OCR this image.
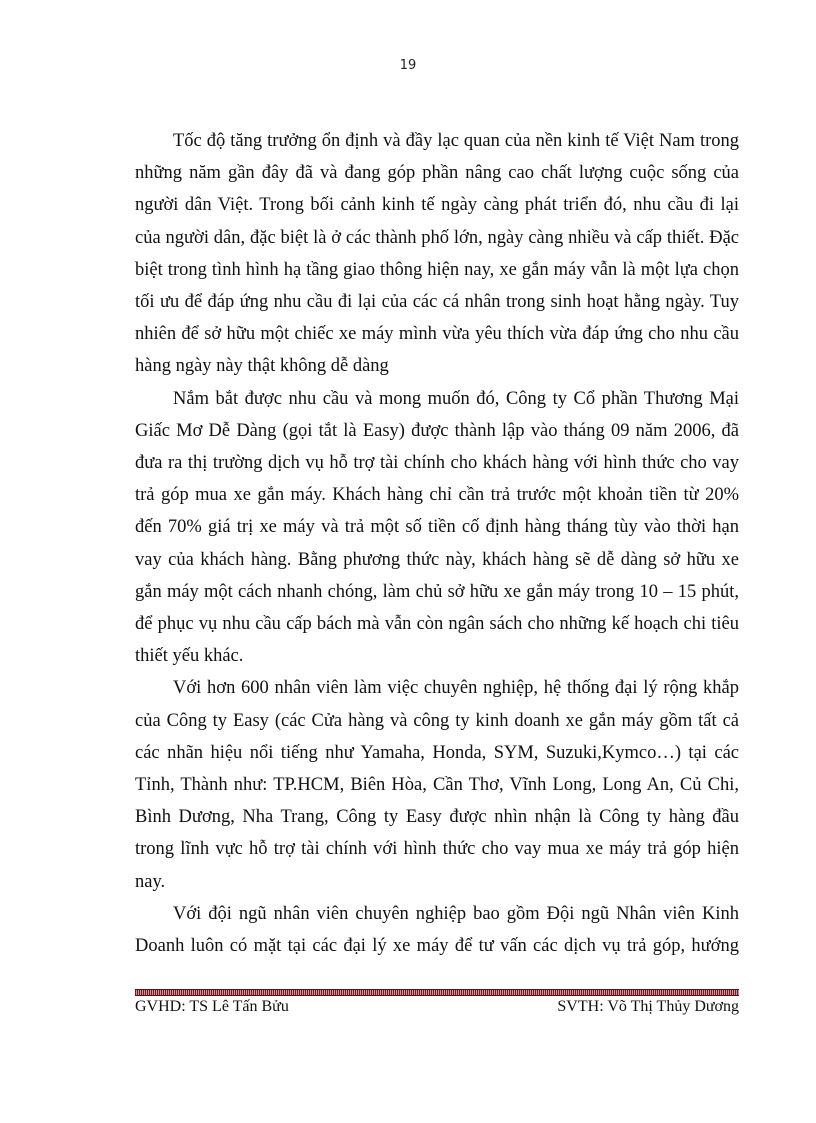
19

Tốc độ tăng trưởng ổn định và đầy lạc quan của nền kinh tế Việt Nam trong những năm gần đây đã và đang góp phần nâng cao chất lượng cuộc sống của người dân Việt. Trong bối cảnh kinh tế ngày càng phát triển đó, nhu cầu đi lại của người dân, đặc biệt là ở các thành phố lớn, ngày càng nhiều và cấp thiết. Đặc biệt trong tình hình hạ tầng giao thông hiện nay, xe gắn máy vẫn là một lựa chọn tối ưu để đáp ứng nhu cầu đi lại của các cá nhân trong sinh hoạt hằng ngày. Tuy nhiên để sở hữu một chiếc xe máy mình vừa yêu thích vừa đáp ứng cho nhu cầu hàng ngày này thật không dễ dàng

Nắm bắt được nhu cầu và mong muốn đó, Công ty Cổ phần Thương Mại Giấc Mơ Dễ Dàng (gọi tắt là Easy) được thành lập vào tháng 09 năm 2006, đã đưa ra thị trường dịch vụ hỗ trợ tài chính cho khách hàng với hình thức cho vay trả góp mua xe gắn máy. Khách hàng chỉ cần trả trước một khoản tiền từ 20% đến 70% giá trị xe máy và trả một số tiền cố định hàng tháng tùy vào thời hạn vay của khách hàng. Bằng phương thức này, khách hàng sẽ dễ dàng sở hữu xe gắn máy một cách nhanh chóng, làm chủ sở hữu xe gắn máy trong 10 – 15 phút, để phục vụ nhu cầu cấp bách mà vẫn còn ngân sách cho những kế hoạch chi tiêu thiết yếu khác.

Với hơn 600 nhân viên làm việc chuyên nghiệp, hệ thống đại lý rộng khắp của Công ty Easy (các Cửa hàng và công ty kinh doanh xe gắn máy gồm tất cả các nhãn hiệu nổi tiếng như Yamaha, Honda, SYM, Suzuki,Kymco…) tại các Tỉnh, Thành như: TP.HCM, Biên Hòa, Cần Thơ, Vĩnh Long, Long An, Củ Chi, Bình Dương, Nha Trang, Công ty Easy được nhìn nhận là Công ty hàng đầu trong lĩnh vực hỗ trợ tài chính với hình thức cho vay mua xe máy trả góp hiện nay.

Với đội ngũ nhân viên chuyên nghiệp bao gồm Đội ngũ Nhân viên Kinh Doanh luôn có mặt tại các đại lý xe máy để tư vấn các dịch vụ trả góp, hướng

GVHD: TS Lê Tấn Bửu	SVTH: Võ Thị Thủy Dương
